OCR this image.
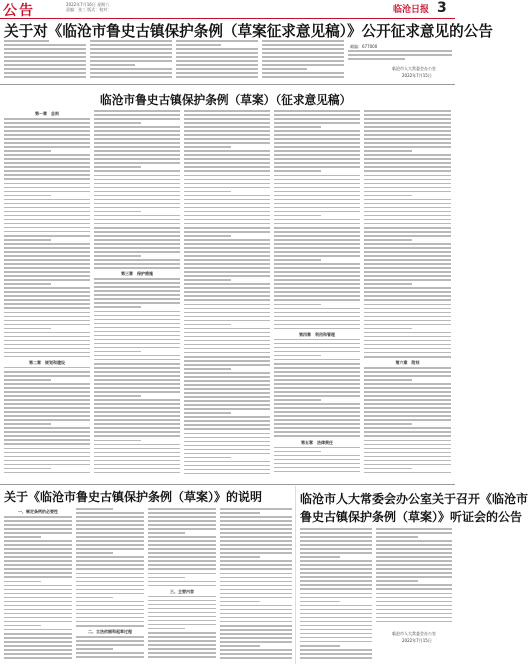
公告	2022年7月16日 星期六
责编：张三 版式：校对：	临沧日报 3
关于对《临沧市鲁史古镇保护条例（草案征求意见稿）》公开征求意见的公告
临沧市鲁史古镇保护条例（草案）（征求意见稿）
关于《临沧市鲁史古镇保护条例（草案）》的说明	临沧市人大常委会办公室关于召开《临沧市
鲁史古镇保护条例（草案）》听证会的公告
邮编：677000
临沧市人大常委会办公室
2022年7月15日
临沧市人大常委会办公室
2022年7月15日
第一章　总则
第二章　规划和建设
第三章　保护措施
第四章　利用和管理
第五章　法律责任
第六章　附则
一、制定条例的必要性
二、立法依据和起草过程
三、主要内容
